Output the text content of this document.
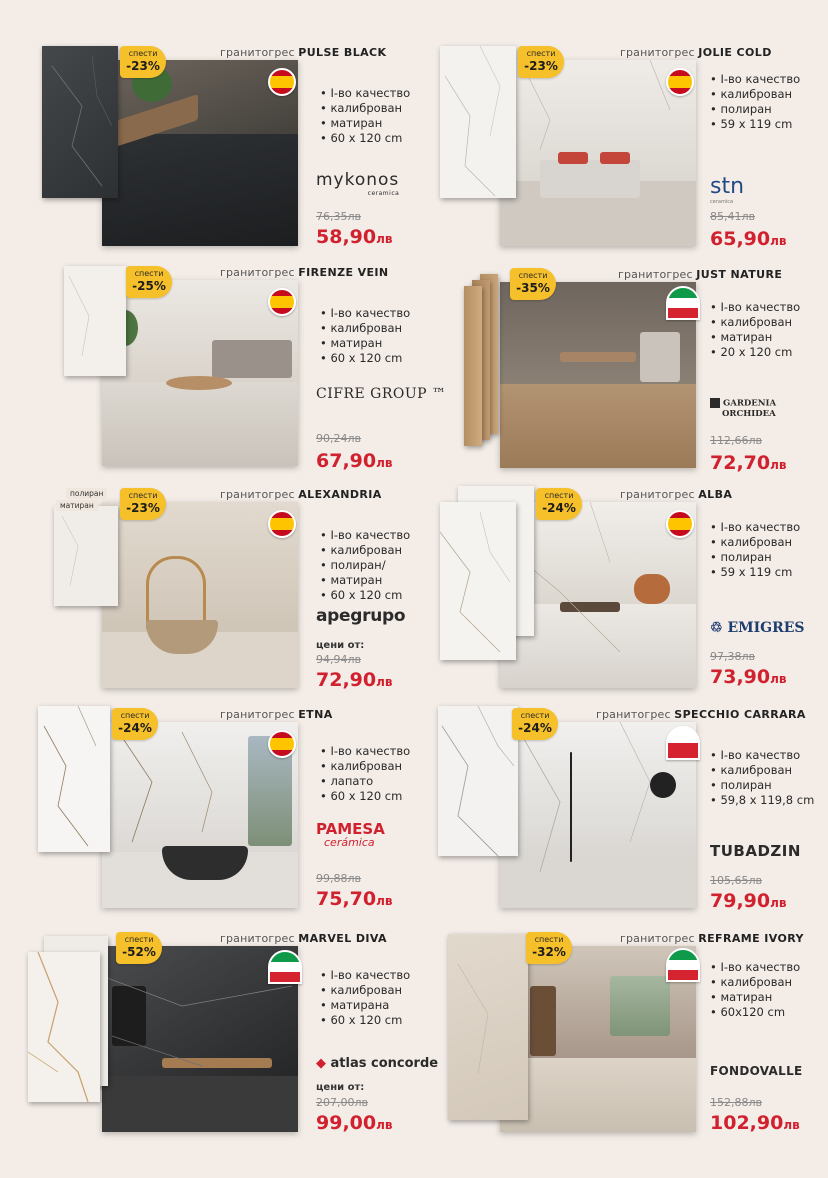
спести
-23%
гранитогрес PULSE BLACK
• I-во качество
• калиброван
• матиран
• 60 x 120 cm
mykonos
ceramica
76,35лв
58,90лв
спести
-23%
гранитогрес JOLIE COLD
• I-во качество
• калиброван
• полиран
• 59 x 119 cm
stn
ceramica
85,41лв
65,90лв
спести
-25%
гранитогрес FIRENZE VEIN
• I-во качество
• калиброван
• матиран
• 60 x 120 cm
CIFRE GROUP ™
90,24лв
67,90лв
спести
-35%
гранитогрес JUST NATURE
• I-во качество
• калиброван
• матиран
• 20 x 120 cm
GARDENIA
ORCHIDEA
112,66лв
72,70лв
полиран
матиран
спести
-23%
гранитогрес ALEXANDRIA
• I-во качество
• калиброван
• полиран/
• матиран
• 60 x 120 cm
apegrupo
цени от:
94,94лв
72,90лв
спести
-24%
гранитогрес ALBA
• I-во качество
• калиброван
• полиран
• 59 x 119 cm
♲ EMIGRES
97,38лв
73,90лв
спести
-24%
гранитогрес ETNA
• I-во качество
• калиброван
• лапато
• 60 x 120 cm
PAMESA
cerámica
99,88лв
75,70лв
спести
-24%
гранитогрес SPECCHIO CARRARA
• I-во качество
• калиброван
• полиран
• 59,8 x 119,8 cm
TUBADZIN
105,65лв
79,90лв
спести
-52%
гранитогрес MARVEL DIVA
• I-во качество
• калиброван
• матирана
• 60 x 120 cm
◆ atlas concorde
цени от:
207,00лв
99,00лв
спести
-32%
гранитогрес REFRAME IVORY
• I-во качество
• калиброван
• матиран
• 60x120 cm
FONDOVALLE
152,88лв
102,90лв
